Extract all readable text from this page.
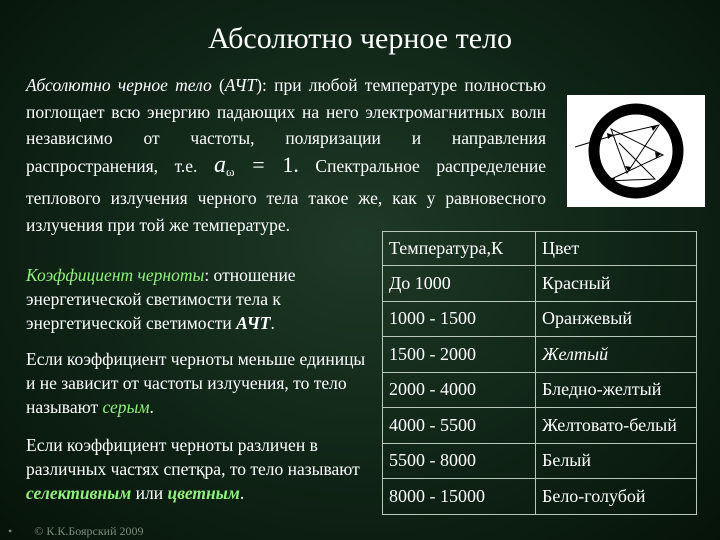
Абсолютно черное тело
Абсолютно черное тело (АЧТ): при любой температуре полностью поглощает всю энергию падающих на него электромагнитных волн независимо от частоты, поляризации и направления распространения, т.е. $a_\omega = 1$. Спектральное распределение теплового излучения черного тела такое же, как у равновесного излучения при той же температуре.

Коэффициент черноты: отношение энергетической светимости тела к энергетической светимости АЧТ.

Если коэффициент черноты меньше единицы и не зависит от частоты излучения, то тело называют серым.

Если коэффициент черноты различен в различных частях спетқра, то тело называют селективным или цветным.

Температура,К	Цвет
До 1000	Красный
1000 - 1500	Оранжевый
1500 - 2000	Желтый
2000 - 4000	Бледно-желтый
4000 - 5500	Желтовато-белый
5500 - 8000	Белый
8000 - 15000	Бело-голубой
• © К.К.Боярский 2009
